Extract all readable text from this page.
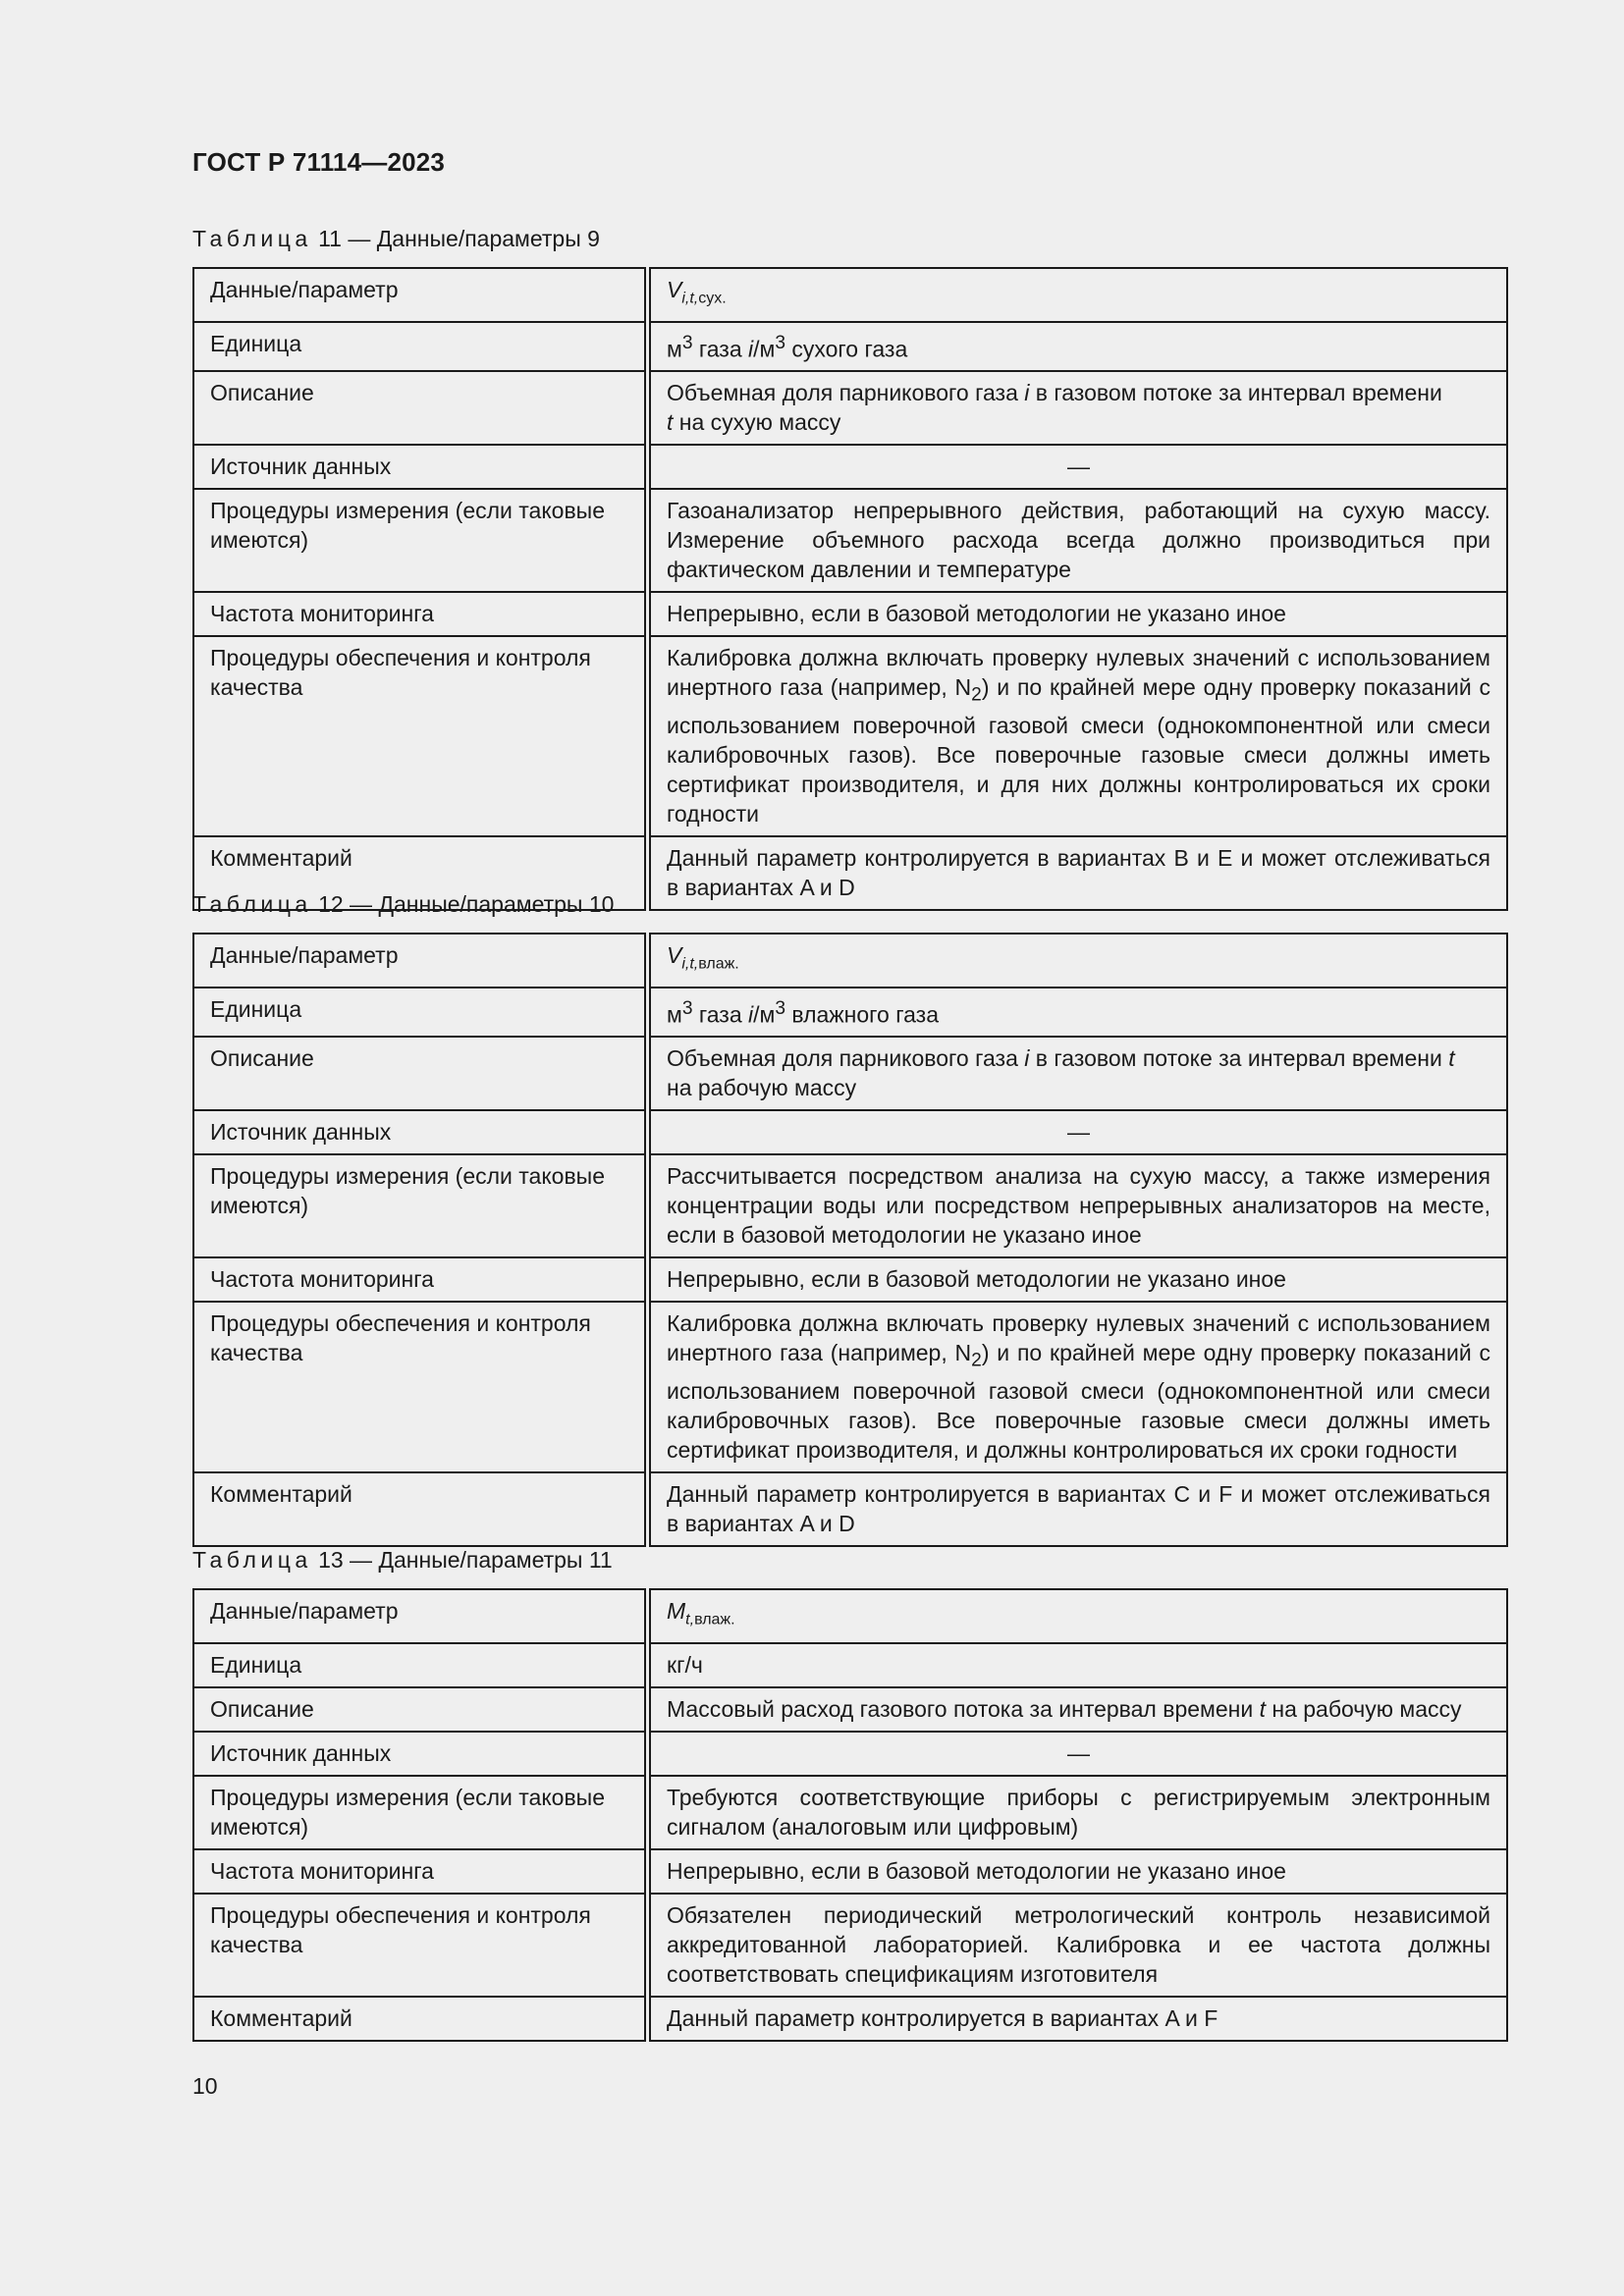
ГОСТ Р 71114—2023
Таблица 11 — Данные/параметры 9
Данные/параметр	$V_{i,t,сух.}$
Единица	$м^3$ газа $i/м^3$ сухого газа
Описание	Объемная доля парникового газа i в газовом потоке за интервал времени
t на сухую массу
Источник данных	—
Процедуры измерения (если таковые имеются)	Газоанализатор непрерывного действия, работающий на сухую массу. Измерение объемного расхода всегда должно производиться при фактическом давлении и температуре
Частота мониторинга	Непрерывно, если в базовой методологии не указано иное
Процедуры обеспечения и контроля качества	Калибровка должна включать проверку нулевых значений с использованием инертного газа (например, $N_2$) и по крайней мере одну проверку показаний с использованием поверочной газовой смеси (однокомпонентной или смеси калибровочных газов). Все поверочные газовые смеси должны иметь сертификат производителя, и для них должны контролироваться их сроки годности
Комментарий	Данный параметр контролируется в вариантах B и E и может отслеживаться в вариантах A и D
Таблица 12 — Данные/параметры 10
Данные/параметр	$V_{i,t,влаж.}$
Единица	$м^3$ газа $i/м^3$ влажного газа
Описание	Объемная доля парникового газа i в газовом потоке за интервал времени t
на рабочую массу
Источник данных	—
Процедуры измерения (если таковые имеются)	Рассчитывается посредством анализа на сухую массу, а также измерения концентрации воды или посредством непрерывных анализаторов на месте, если в базовой методологии не указано иное
Частота мониторинга	Непрерывно, если в базовой методологии не указано иное
Процедуры обеспечения и контроля качества	Калибровка должна включать проверку нулевых значений с использованием инертного газа (например, $N_2$) и по крайней мере одну проверку показаний с использованием поверочной газовой смеси (однокомпонентной или смеси калибровочных газов). Все поверочные газовые смеси должны иметь сертификат производителя, и должны контролироваться их сроки годности
Комментарий	Данный параметр контролируется в вариантах C и F и может отслеживаться в вариантах A и D
Таблица 13 — Данные/параметры 11
Данные/параметр	$M_{t,влаж.}$
Единица	кг/ч
Описание	Массовый расход газового потока за интервал времени t на рабочую массу
Источник данных	—
Процедуры измерения (если таковые имеются)	Требуются соответствующие приборы с регистрируемым электронным сигналом (аналоговым или цифровым)
Частота мониторинга	Непрерывно, если в базовой методологии не указано иное
Процедуры обеспечения и контроля качества	Обязателен периодический метрологический контроль независимой аккредитованной лабораторией. Калибровка и ее частота должны соответствовать спецификациям изготовителя
Комментарий	Данный параметр контролируется в вариантах A и F
10
